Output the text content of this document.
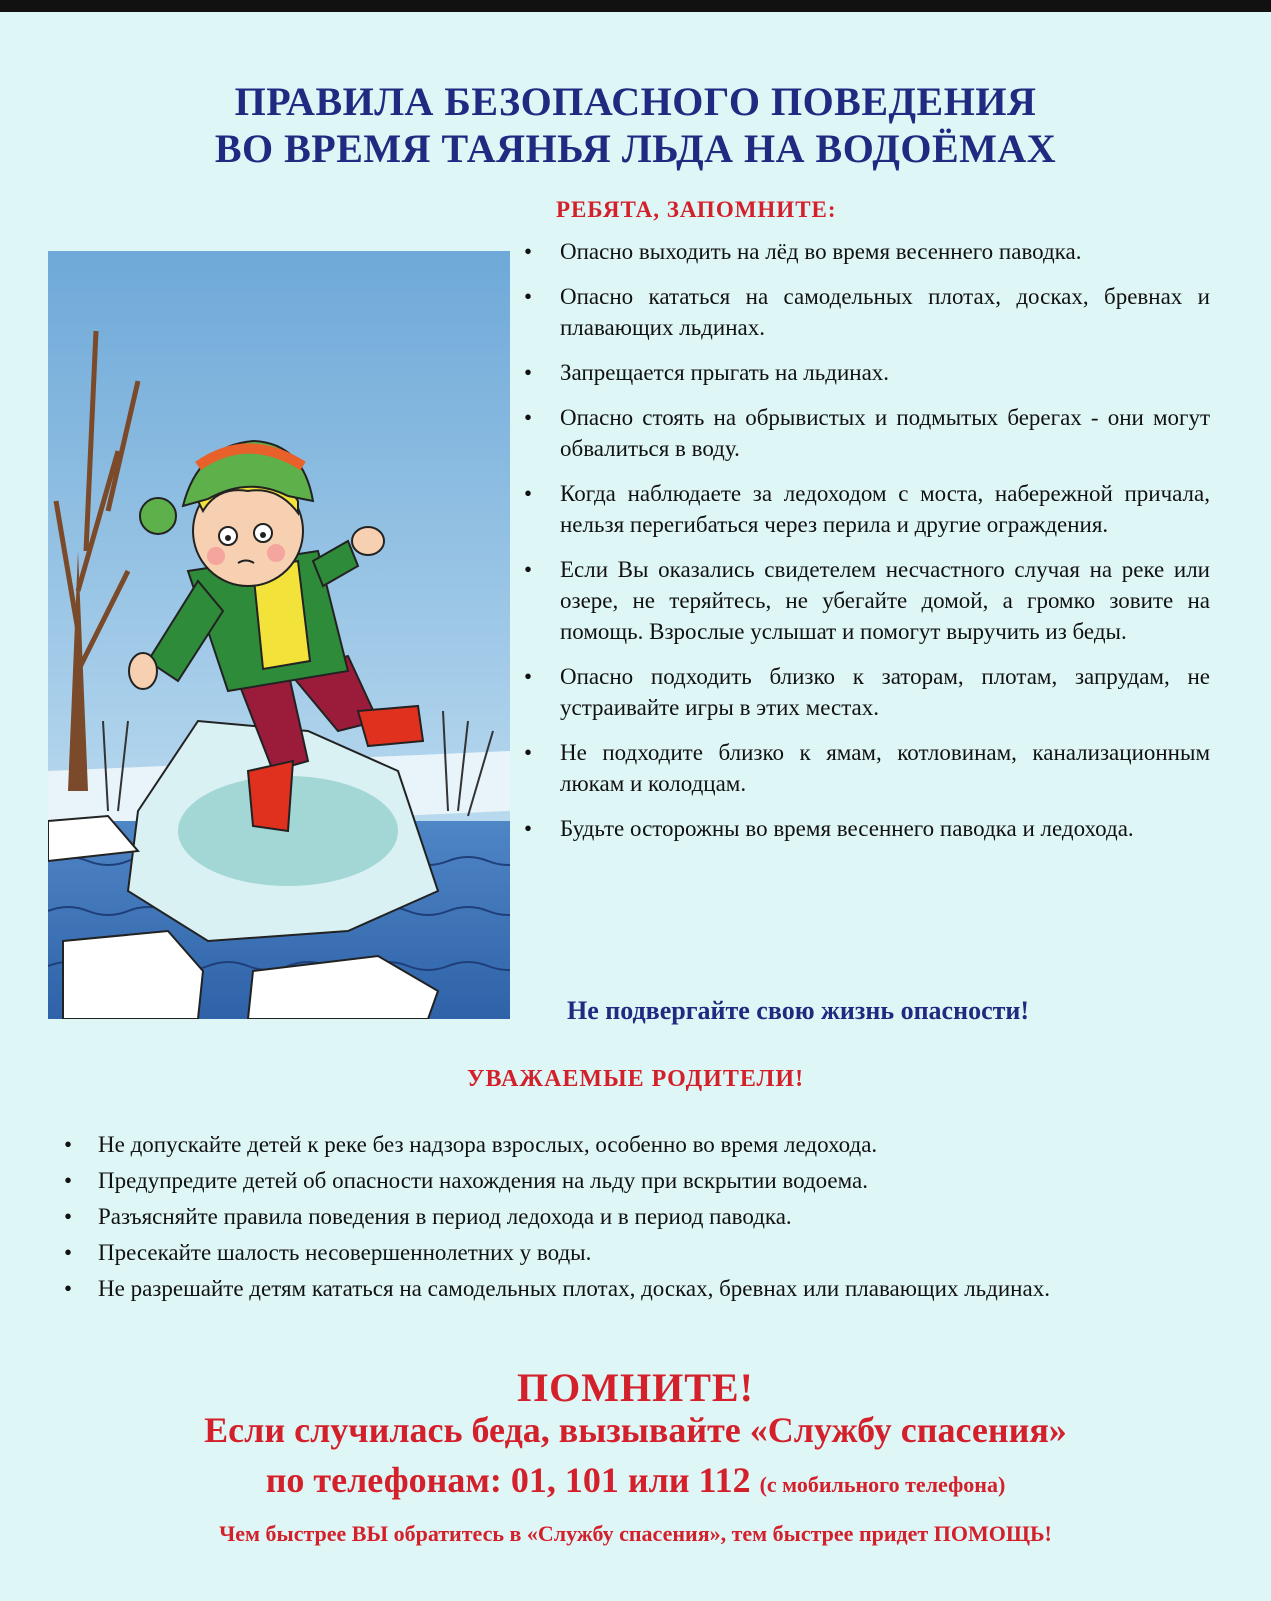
ПРАВИЛА БЕЗОПАСНОГО ПОВЕДЕНИЯ
ВО ВРЕМЯ ТАЯНЬЯ ЛЬДА НА ВОДОЁМАХ
РЕБЯТА, ЗАПОМНИТЕ:
• Опасно выходить на лёд во время весеннего паводка.
• Опасно кататься на самодельных плотах, досках, бревнах и плавающих льдинах.
• Запрещается прыгать на льдинах.
• Опасно стоять на обрывистых и подмытых берегах - они могут обвалиться в воду.
• Когда наблюдаете за ледоходом с моста, набережной причала, нельзя перегибаться через перила и другие ограждения.
• Если Вы оказались свидетелем несчастного случая на реке или озере, не теряйтесь, не убегайте домой, а громко зовите на помощь. Взрослые услышат и помогут выручить из беды.
• Опасно подходить близко к заторам, плотам, запрудам, не устраивайте игры в этих местах.
• Не подходите близко к ямам, котловинам, канализационным люкам и колодцам.
• Будьте осторожны во время весеннего паводка и ледохода.
Не подвергайте свою жизнь опасности!
УВАЖАЕМЫЕ РОДИТЕЛИ!
• Не допускайте детей к реке без надзора взрослых, особенно во время ледохода.
• Предупредите детей об опасности нахождения на льду при вскрытии водоема.
• Разъясняйте правила поведения в период ледохода и в период паводка.
• Пресекайте шалость несовершеннолетних у воды.
• Не разрешайте детям кататься на самодельных плотах, досках, бревнах или плавающих льдинах.
ПОМНИТЕ!
Если случилась беда, вызывайте «Службу спасения»
по телефонам: 01, 101 или 112 (с мобильного телефона)
Чем быстрее ВЫ обратитесь в «Службу спасения», тем быстрее придет ПОМОЩЬ!
